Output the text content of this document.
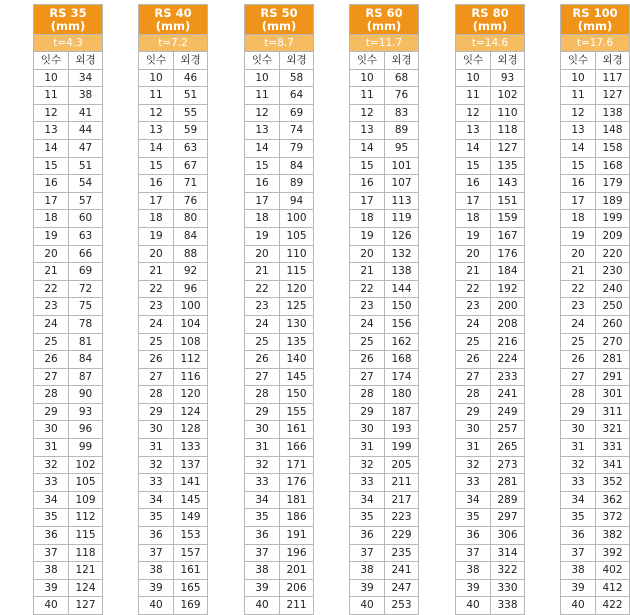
RS 35
(mm)	

t=4.3	
잇수	외경
10	34
11	38
12	41
13	44
14	47
15	51
16	54
17	57
18	60
19	63
20	66
21	69
22	72
23	75
24	78
25	81
26	84
27	87
28	90
29	93
30	96
31	99
32	102
33	105
34	109
35	112
36	115
37	118
38	121
39	124
40	127
RS 40
(mm)	

t=7.2	
잇수	외경
10	46
11	51
12	55
13	59
14	63
15	67
16	71
17	76
18	80
19	84
20	88
21	92
22	96
23	100
24	104
25	108
26	112
27	116
28	120
29	124
30	128
31	133
32	137
33	141
34	145
35	149
36	153
37	157
38	161
39	165
40	169
RS 50
(mm)	

t=8.7	
잇수	외경
10	58
11	64
12	69
13	74
14	79
15	84
16	89
17	94
18	100
19	105
20	110
21	115
22	120
23	125
24	130
25	135
26	140
27	145
28	150
29	155
30	161
31	166
32	171
33	176
34	181
35	186
36	191
37	196
38	201
39	206
40	211
RS 60
(mm)	

t=11.7	
잇수	외경
10	68
11	76
12	83
13	89
14	95
15	101
16	107
17	113
18	119
19	126
20	132
21	138
22	144
23	150
24	156
25	162
26	168
27	174
28	180
29	187
30	193
31	199
32	205
33	211
34	217
35	223
36	229
37	235
38	241
39	247
40	253
RS 80
(mm)	

t=14.6	
잇수	외경
10	93
11	102
12	110
13	118
14	127
15	135
16	143
17	151
18	159
19	167
20	176
21	184
22	192
23	200
24	208
25	216
26	224
27	233
28	241
29	249
30	257
31	265
32	273
33	281
34	289
35	297
36	306
37	314
38	322
39	330
40	338
RS 100
(mm)	

t=17.6	
잇수	외경
10	117
11	127
12	138
13	148
14	158
15	168
16	179
17	189
18	199
19	209
20	220
21	230
22	240
23	250
24	260
25	270
26	281
27	291
28	301
29	311
30	321
31	331
32	341
33	352
34	362
35	372
36	382
37	392
38	402
39	412
40	422
